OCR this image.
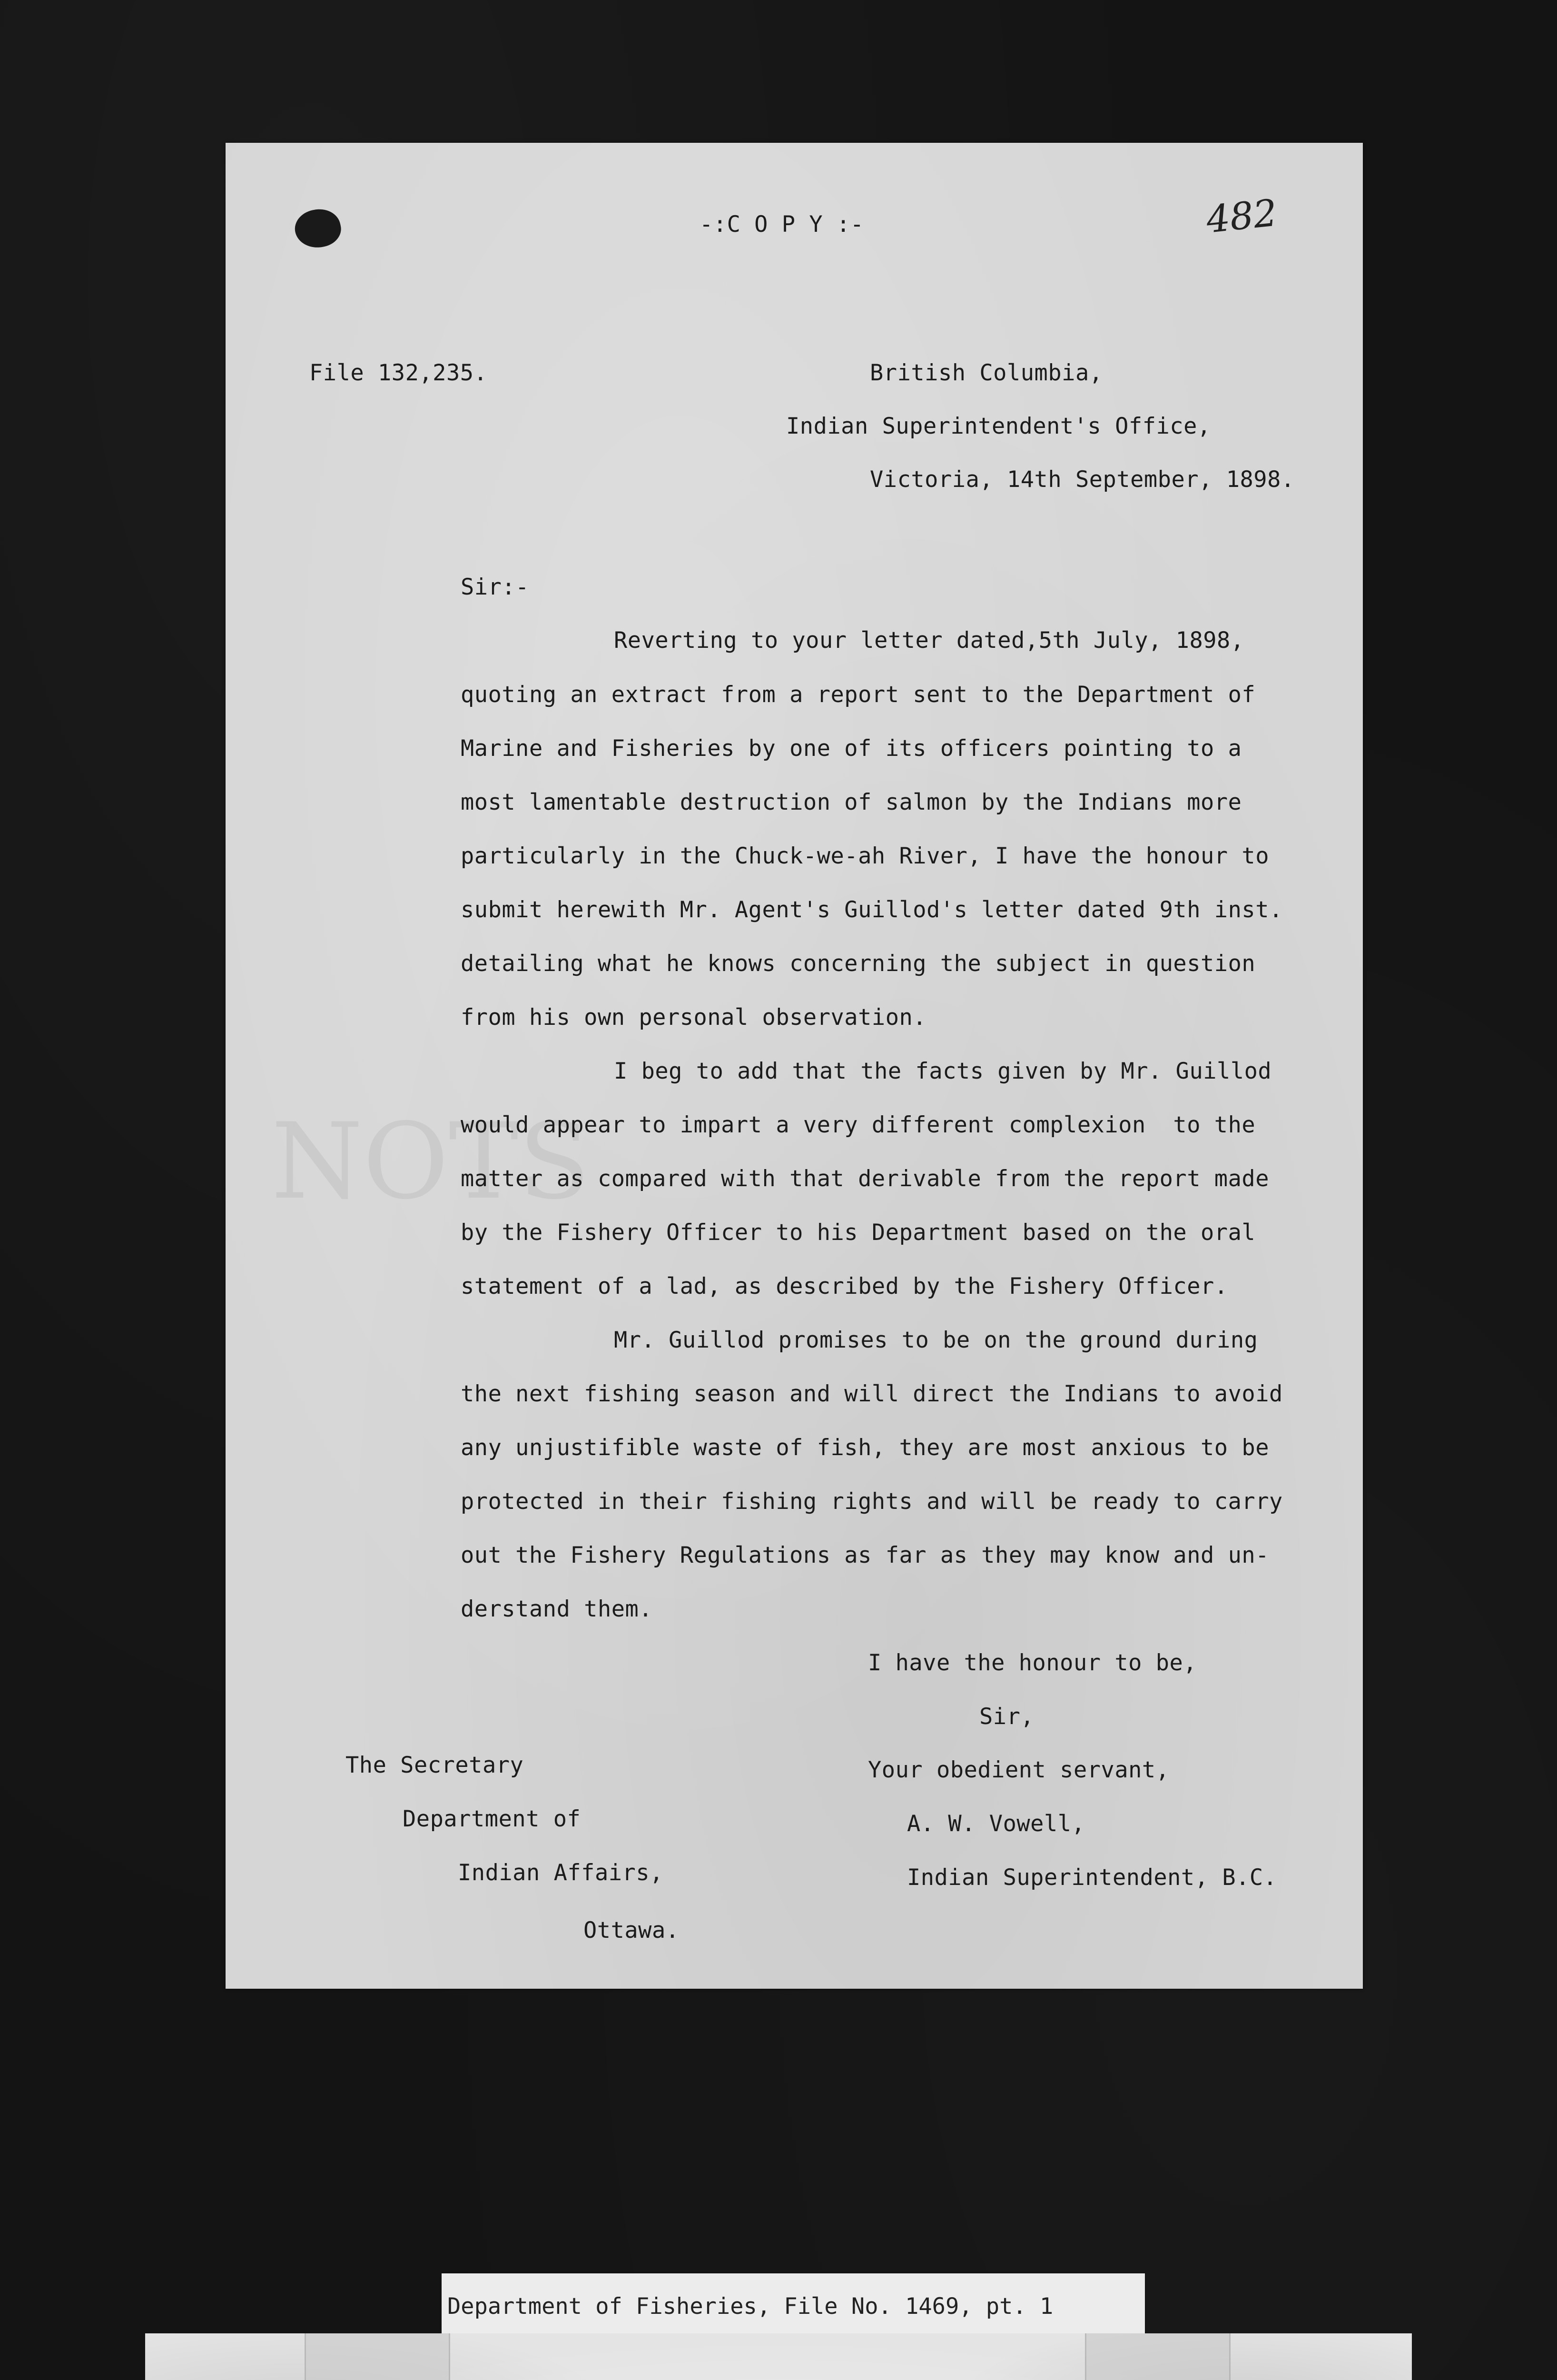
NOTS
-:C O P Y :-	482
File 132,235.	British Columbia,
Indian Superintendent's Office,
Victoria, 14th September, 1898.
Sir:-
Reverting to your letter dated,5th July, 1898,
quoting an extract from a report sent to the Department of
Marine and Fisheries by one of its officers pointing to a
most lamentable destruction of salmon by the Indians more
particularly in the Chuck-we-ah River, I have the honour to
submit herewith Mr. Agent's Guillod's letter dated 9th inst.
detailing what he knows concerning the subject in question
from his own personal observation.
I beg to add that the facts given by Mr. Guillod
would appear to impart a very different complexion  to the
matter as compared with that derivable from the report made
by the Fishery Officer to his Department based on the oral
statement of a lad, as described by the Fishery Officer.
Mr. Guillod promises to be on the ground during
the next fishing season and will direct the Indians to avoid
any unjustifible waste of fish, they are most anxious to be
protected in their fishing rights and will be ready to carry
out the Fishery Regulations as far as they may know and un-
derstand them.
I have the honour to be,
Sir,
Your obedient servant,
A. W. Vowell,
Indian Superintendent, B.C.
The Secretary
Department of
Indian Affairs,
Ottawa.
Department of Fisheries, File No. 1469, pt. 1
